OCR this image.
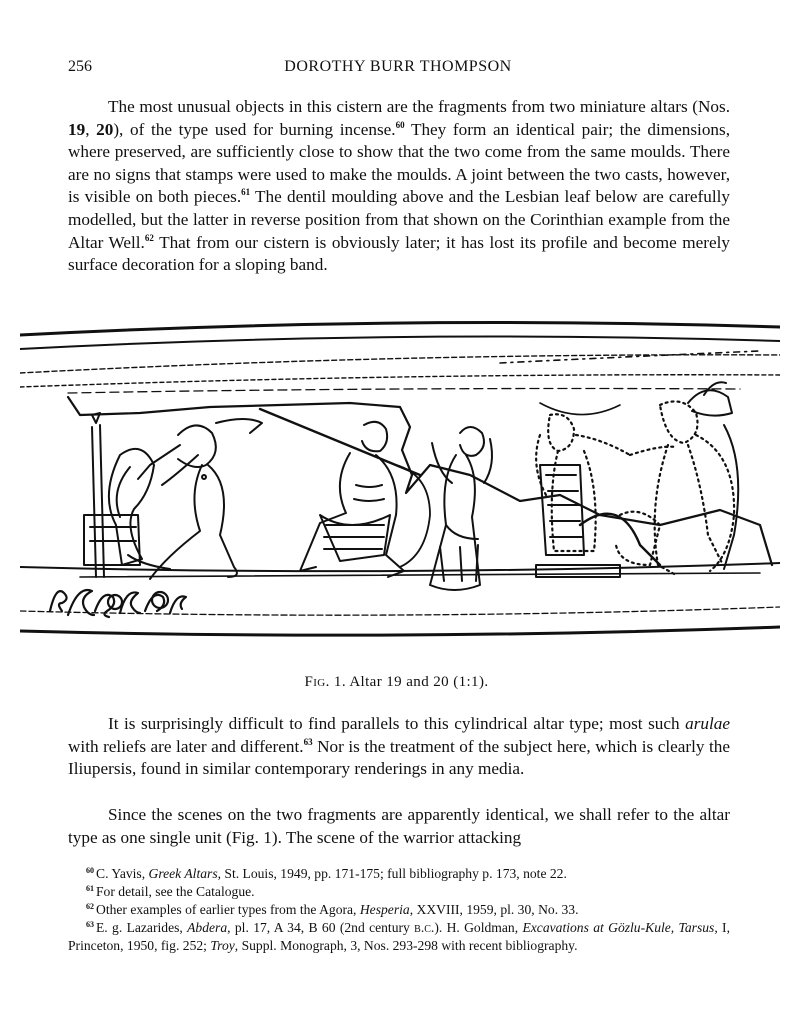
256	DOROTHY BURR THOMPSON

The most unusual objects in this cistern are the fragments from two miniature altars (Nos. 19, 20), of the type used for burning incense.$^{60}$ They form an identical pair; the dimensions, where preserved, are sufficiently close to show that the two come from the same moulds. There are no signs that stamps were used to make the moulds. A joint between the two casts, however, is visible on both pieces.$^{61}$ The dentil moulding above and the Lesbian leaf below are carefully modelled, but the latter in reverse position from that shown on the Corinthian example from the Altar Well.$^{62}$ That from our cistern is obviously later; it has lost its profile and become merely surface decoration for a sloping band.

Fig. 1. Altar 19 and 20 (1:1).

It is surprisingly difficult to find parallels to this cylindrical altar type; most such arulae with reliefs are later and different.$^{63}$ Nor is the treatment of the subject here, which is clearly the Iliupersis, found in similar contemporary renderings in any media.

Since the scenes on the two fragments are apparently identical, we shall refer to the altar type as one single unit (Fig. 1). The scene of the warrior attacking

$^{60}$ C. Yavis, Greek Altars, St. Louis, 1949, pp. 171-175; full bibliography p. 173, note 22.

$^{61}$ For detail, see the Catalogue.

$^{62}$ Other examples of earlier types from the Agora, Hesperia, XXVIII, 1959, pl. 30, No. 33.

$^{63}$ E. g. Lazarides, Abdera, pl. 17, A 34, B 60 (2nd century b.c.). H. Goldman, Excavations at Gözlu-Kule, Tarsus, I, Princeton, 1950, fig. 252; Troy, Suppl. Monograph, 3, Nos. 293-298 with recent bibliography.
